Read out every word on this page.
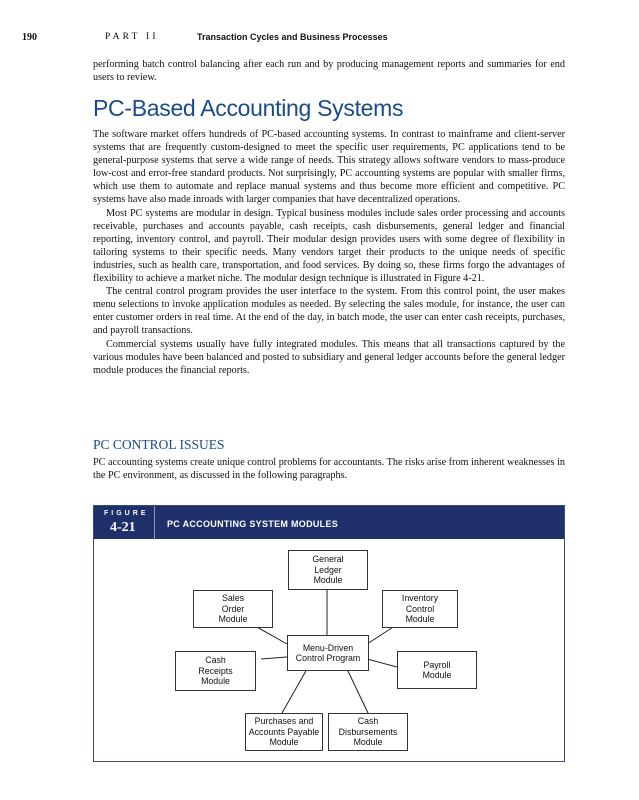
190	PART II	Transaction Cycles and Business Processes

performing batch control balancing after each run and by producing management reports and summaries for end users to review.

PC-Based Accounting Systems

The software market offers hundreds of PC-based accounting systems. In contrast to mainframe and client-server systems that are frequently custom-designed to meet the specific user requirements, PC applications tend to be general-purpose systems that serve a wide range of needs. This strategy allows software vendors to mass-produce low-cost and error-free standard products. Not surprisingly, PC accounting systems are popular with smaller firms, which use them to automate and replace manual systems and thus become more efficient and competitive. PC systems have also made inroads with larger companies that have decentralized operations.

Most PC systems are modular in design. Typical business modules include sales order processing and accounts receivable, purchases and accounts payable, cash receipts, cash disbursements, general ledger and financial reporting, inventory control, and payroll. Their modular design provides users with some degree of flexibility in tailoring systems to their specific needs. Many vendors target their products to the unique needs of specific industries, such as health care, transportation, and food services. By doing so, these firms forgo the advantages of flexibility to achieve a market niche. The modular design technique is illustrated in Figure 4-21.

The central control program provides the user interface to the system. From this control point, the user makes menu selections to invoke application modules as needed. By selecting the sales module, for instance, the user can enter customer orders in real time. At the end of the day, in batch mode, the user can enter cash receipts, purchases, and payroll transactions.

Commercial systems usually have fully integrated modules. This means that all transactions captured by the various modules have been balanced and posted to subsidiary and general ledger accounts before the general ledger module produces the financial reports.

PC CONTROL ISSUES

PC accounting systems create unique control problems for accountants. The risks arise from inherent weaknesses in the PC environment, as discussed in the following paragraphs.

FIGURE
4-21	PC ACCOUNTING SYSTEM MODULES
General
Ledger
Module
Sales
Order
Module
Inventory
Control
Module
Menu-Driven
Control Program
Cash
Receipts
Module
Payroll
Module
Purchases and
Accounts Payable
Module
Cash
Disbursements
Module
